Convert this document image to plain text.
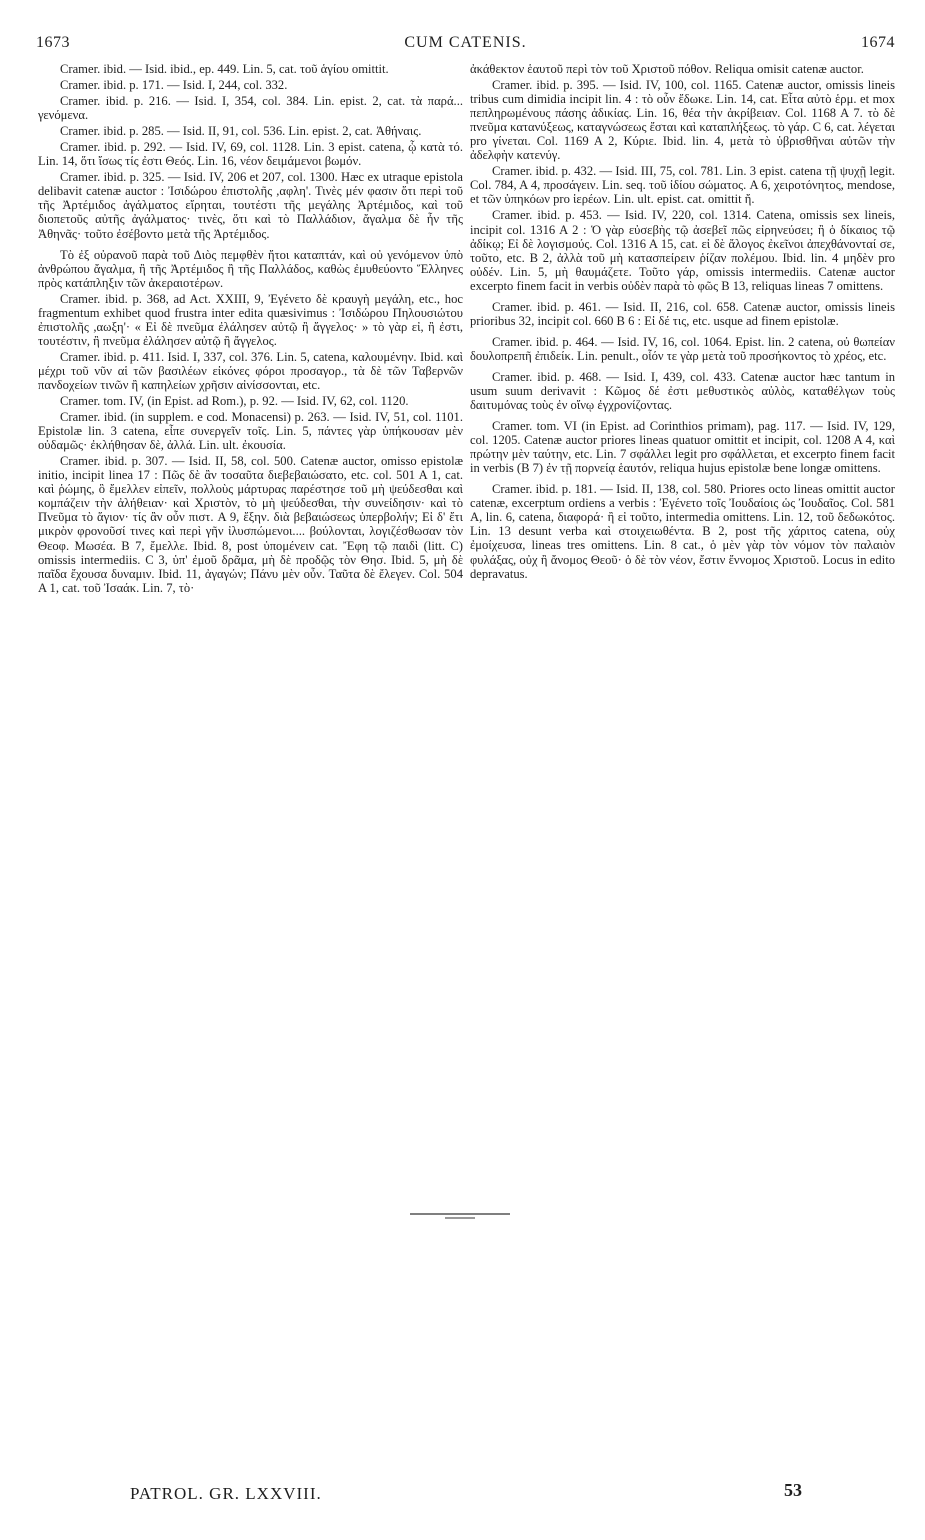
1673	CUM CATENIS.	1674

Cramer. ibid. — Isid. ibid., ep. 449. Lin. 5, cat. τοῦ ἁγίου omittit.

Cramer. ibid. p. 171. — Isid. I, 244, col. 332.

Cramer. ibid. p. 216. — Isid. I, 354, col. 384. Lin. epist. 2, cat. τὰ παρά... γενόμενα.

Cramer. ibid. p. 285. — Isid. II, 91, col. 536. Lin. epist. 2, cat. Ἀθήναις.

Cramer. ibid. p. 292. — Isid. IV, 69, col. 1128. Lin. 3 epist. catena, ᾧ κατὰ τό. Lin. 14, ὅτι ἴσως τίς ἐστι Θεός. Lin. 16, νέον δειμάμενοι βωμόν.

Cramer. ibid. p. 325. — Isid. IV, 206 et 207, col. 1300. Hæc ex utraque epistola delibavit catenæ auctor : Ἰσιδώρου ἐπιστολῆς ,αφλη'. Τινὲς μέν φασιν ὅτι περὶ τοῦ τῆς Ἀρτέμιδος ἀγάλματος εἴρηται, τουτέστι τῆς μεγάλης Ἀρτέμιδος, καὶ τοῦ διοπετοῦς αὐτῆς ἀγάλματος· τινὲς, ὅτι καὶ τὸ Παλλάδιον, ἄγαλμα δὲ ἦν τῆς Ἀθηνᾶς· τοῦτο ἐσέβοντο μετὰ τῆς Ἀρτέμιδος.

Τὸ ἐξ οὐρανοῦ παρὰ τοῦ Διὸς πεμφθὲν ἤτοι καταπτάν, καὶ οὐ γενόμενον ὑπὸ ἀνθρώπου ἄγαλμα, ἢ τῆς Ἀρτέμιδος ἢ τῆς Παλλάδος, καθὼς ἐμυθεύοντο Ἕλληνες πρὸς κατάπληξιν τῶν ἀκεραιοτέρων.

Cramer. ibid. p. 368, ad Act. XXIII, 9, Ἐγένετο δὲ κραυγὴ μεγάλη, etc., hoc fragmentum exhibet quod frustra inter edita quæsivimus : Ἰσιδώρου Πηλουσιώτου ἐπιστολῆς ,αωξη'· « Εἰ δὲ πνεῦμα ἐλάλησεν αὐτῷ ἢ ἄγγελος· » τὸ γὰρ εἰ, ἢ ἐστι, τουτέστιν, ἢ πνεῦμα ἐλάλησεν αὐτῷ ἢ ἄγγελος.

Cramer. ibid. p. 411. Isid. I, 337, col. 376. Lin. 5, catena, καλουμένην. Ibid. καὶ μέχρι τοῦ νῦν αἱ τῶν βασιλέων εἰκόνες φόροι προσαγορ., τὰ δὲ τῶν Ταβερνῶν πανδοχείων τινῶν ἢ καπηλείων χρῆσιν αἰνίσσονται, etc.

Cramer. tom. IV, (in Epist. ad Rom.), p. 92. — Isid. IV, 62, col. 1120.

Cramer. ibid. (in supplem. e cod. Monacensi) p. 263. — Isid. IV, 51, col. 1101. Epistolæ lin. 3 catena, εἶπε συνεργεῖν τοῖς. Lin. 5, πάντες γὰρ ὑπήκουσαν μὲν οὐδαμῶς· ἐκλήθησαν δὲ, ἀλλά. Lin. ult. ἐκουσία.

Cramer. ibid. p. 307. — Isid. II, 58, col. 500. Catenæ auctor, omisso epistolæ initio, incipit linea 17 : Πῶς δὲ ἂν τοσαῦτα διεβεβαιώσατο, etc. col. 501 A 1, cat. καὶ ῥώμης, ὃ ἔμελλεν εἰπεῖν, πολλοὺς μάρτυρας παρέστησε τοῦ μὴ ψεύδεσθαι καὶ κομπάζειν τὴν ἀλήθειαν· καὶ Χριστὸν, τὸ μὴ ψεύδεσθαι, τὴν συνείδησιν· καὶ τὸ Πνεῦμα τὸ ἅγιον· τίς ἂν οὖν πιστ. A 9, ἔξην. διὰ βεβαιώσεως ὑπερβολήν; Εἰ δ' ἔτι μικρὸν φρονοῦσί τινες καὶ περὶ γῆν ἰλυσπώμενοι.... βούλονται, λογιζέσθωσαν τὸν Θεοφ. Μωσέα. B 7, ἔμελλε. Ibid. 8, post ὑπομένειν cat. Ἔφη τῷ παιδὶ (litt. C) omissis intermediis. C 3, ὑπ' ἐμοῦ δρᾶμα, μὴ δὲ προδῷς τὸν Θησ. Ibid. 5, μὴ δὲ παῖδα ἔχουσα δυναμιν. Ibid. 11, ἀγαγών; Πάνυ μὲν οὖν. Ταῦτα δὲ ἔλεγεν. Col. 504 A 1, cat. τοῦ Ἰσαάκ. Lin. 7, τὸ·

ἀκάθεκτον ἑαυτοῦ περὶ τὸν τοῦ Χριστοῦ πόθον. Reliqua omisit catenæ auctor.

Cramer. ibid. p. 395. — Isid. IV, 100, col. 1165. Catenæ auctor, omissis lineis tribus cum dimidia incipit lin. 4 : τὸ οὖν ἔδωκε. Lin. 14, cat. Εἶτα αὐτὸ ἑρμ. et mox πεπληρωμένους πάσης ἀδικίας. Lin. 16, θέα τὴν ἀκρίβειαν. Col. 1168 A 7. τὸ δὲ πνεῦμα κατανύξεως, καταγνώσεως ἔσται καὶ καταπλήξεως. τὸ γάρ. C 6, cat. λέγεται pro γίνεται. Col. 1169 A 2, Κύριε. Ibid. lin. 4, μετὰ τὸ ὑβρισθῆναι αὐτῶν τὴν ἀδελφὴν κατενύγ.

Cramer. ibid. p. 432. — Isid. III, 75, col. 781. Lin. 3 epist. catena τῇ ψυχῇ legit. Col. 784, A 4, προσάγειν. Lin. seq. τοῦ ἰδίου σώματος. A 6, χειροτόνητος, mendose, et τῶν ὑπηκόων pro ἱερέων. Lin. ult. epist. cat. omittit ἤ.

Cramer. ibid. p. 453. — Isid. IV, 220, col. 1314. Catena, omissis sex lineis, incipit col. 1316 A 2 : Ὁ γὰρ εὐσεβὴς τῷ ἀσεβεῖ πῶς εἰρηνεύσει; ἢ ὁ δίκαιος τῷ ἀδίκῳ; Εἰ δὲ λογισμούς. Col. 1316 A 15, cat. εἰ δὲ ἄλογος ἐκεῖνοι ἀπεχθάνονταί σε, τοῦτο, etc. B 2, ἀλλὰ τοῦ μὴ κατασπείρειν ῥίζαν πολέμου. Ibid. lin. 4 μηδὲν pro οὐδέν. Lin. 5, μὴ θαυμάζετε. Τοῦτο γάρ, omissis intermediis. Catenæ auctor excerpto finem facit in verbis οὐδὲν παρὰ τὸ φῶς B 13, reliquas lineas 7 omittens.

Cramer. ibid. p. 461. — Isid. II, 216, col. 658. Catenæ auctor, omissis lineis prioribus 32, incipit col. 660 B 6 : Εἰ δέ τις, etc. usque ad finem epistolæ.

Cramer. ibid. p. 464. — Isid. IV, 16, col. 1064. Epist. lin. 2 catena, οὐ θωπείαν δουλοπρεπῆ ἐπιδείκ. Lin. penult., οἷόν τε γὰρ μετὰ τοῦ προσήκοντος τὸ χρέος, etc.

Cramer. ibid. p. 468. — Isid. I, 439, col. 433. Catenæ auctor hæc tantum in usum suum derivavit : Κῶμος δέ ἐστι μεθυστικὸς αὐλὸς, καταθέλγων τοὺς δαιτυμόνας τοὺς ἐν οἴνῳ ἐγχρονίζοντας.

Cramer. tom. VI (in Epist. ad Corinthios primam), pag. 117. — Isid. IV, 129, col. 1205. Catenæ auctor priores lineas quatuor omittit et incipit, col. 1208 A 4, καὶ πρώτην μὲν ταύτην, etc. Lin. 7 σφάλλει legit pro σφάλλεται, et excerpto finem facit in verbis (B 7) ἐν τῇ πορνείᾳ ἑαυτόν, reliqua hujus epistolæ bene longæ omittens.

Cramer. ibid. p. 181. — Isid. II, 138, col. 580. Priores octo lineas omittit auctor catenæ, excerptum ordiens a verbis : Ἐγένετο τοῖς Ἰουδαίοις ὡς Ἰουδαῖος. Col. 581 A, lin. 6, catena, διαφορά· ἢ εἰ τοῦτο, intermedia omittens. Lin. 12, τοῦ δεδωκότος. Lin. 13 desunt verba καὶ στοιχειωθέντα. B 2, post τῆς χάριτος catena, οὐχ ἐμοίχευσα, lineas tres omittens. Lin. 8 cat., ὁ μὲν γὰρ τὸν νόμον τὸν παλαιὸν φυλάξας, οὐχ ἢ ἄνομος Θεοῦ· ὁ δὲ τὸν νέον, ἔστιν ἔννομος Χριστοῦ. Locus in edito depravatus.

PATROL. GR. LXXVIII.	53
